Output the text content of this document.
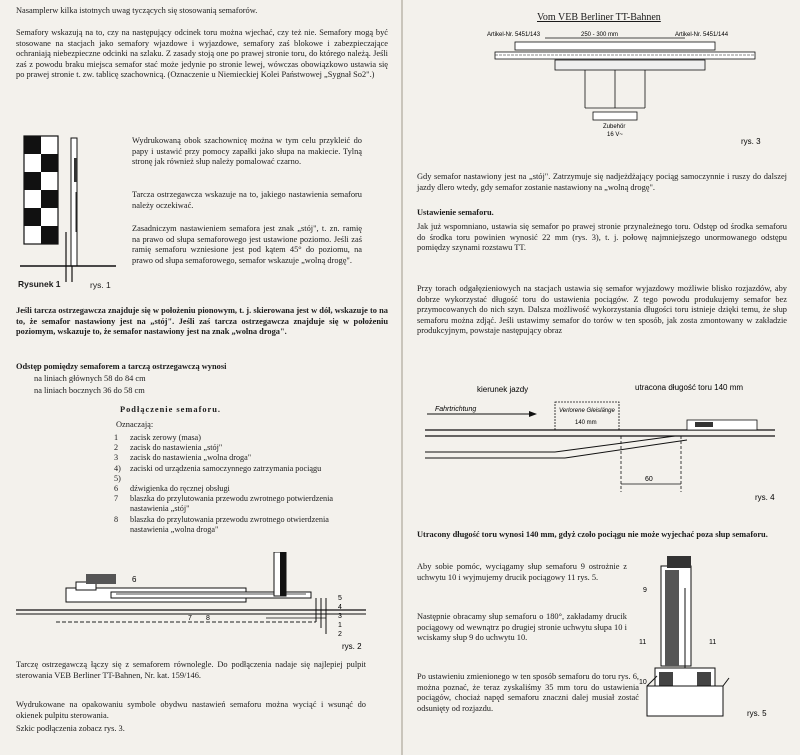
Nasamplerw kilka istotnych uwag tyczących się stosowanią semaforów.

Semafory wskazują na to, czy na następujący odcinek toru można wjechać, czy też nie. Semafory mogą być stosowane na stacjach jako semafory wjazdowe i wyjazdowe, semafory zaś blokowe i zabezpieczające ochraniają niebezpieczne odcinki na szlaku. Z zasady stoją one po prawej stronie toru, do którego należą. Jeśli zaś z powodu braku miejsca semafor stać może jedynie po stronie lewej, wówczas obowiązkowo ustawia się po prawej stronie t. zw. tablicę szachownicą. (Oznaczenie u Niemieckiej Kolei Państwowej „Sygnał So2".)

Rysunek 1	rys. 1

Wydrukowaną obok szachownicę można w tym celu przykleić do papy i ustawić przy pomocy zapałki jako słupa na makiecie. Tylną stronę jak również słup należy pomalować czarno.

Tarcza ostrzegawcza wskazuje na to, jakiego nastawienia semaforu należy oczekiwać.

Zasadniczym nastawieniem semafora jest znak „stój", t. zn. ramię na prawo od słupa semaforowego jest ustawione poziomo. Jeśli zaś ramię semaforu wzniesione jest pod kątem 45° do poziomu, na prawo od słupa semaforowego, semafor wskazuje „wolną drogę".

Jeśli tarcza ostrzegawcza znajduje się w położeniu pionowym, t. j. skierowana jest w dół, wskazuje to na to, że semafor nastawiony jest na „stój". Jeśli zaś tarcza ostrzegawcza znajduje się w położeniu poziomym, wskazuje to, że semafor nastawiony jest na znak „wolna droga".

Odstęp pomiędzy semaforem a tarczą ostrzegawczą wynosi

na liniach głównych 58 do 84 cm

na liniach bocznych 36 do 58 cm

Podłączenie semaforu.

Oznaczają:

1	zacisk zerowy (masa)
2	zacisk do nastawienia „stój"
3	zacisk do nastawienia „wolna droga"
4)
5)
zaciski od urządzenia samoczynnego zatrzymania pociągu
6	dźwigienka do ręcznej obsługi
7	blaszka do przylutowania przewodu zwrotnego potwierdzenia nastawienia „stój"
8	blaszka do przylutowania przewodu zwrotnego otwierdzenia nastawienia „wolna droga"
6
7 8
5
4
3
1
2
rys. 2

Tarczę ostrzegawczą łączy się z semaforem równolegle. Do podłączenia nadaje się najlepiej pulpit sterowania VEB Berliner TT-Bahnen, Nr. kat. 159/146.

Wydrukowane na opakowaniu symbole obydwu nastawień semaforu można wyciąć i wsunąć do okienek pulpitu sterowania.

Szkic podłączenia zobacz rys. 3.

Vom VEB Berliner TT-Bahnen

Artikel-Nr. 5451/143	Artikel-Nr. 5451/144
250 - 300 mm
Zubehör
16 V~
rys. 3

Gdy semafor nastawiony jest na „stój". Zatrzymuje się nadjeżdżający pociąg samoczynnie i ruszy do dalszej jazdy dlero wtedy, gdy semafor zostanie nastawiony na „wolną drogę".

Ustawienie semaforu.

Jak już wspomniano, ustawia się semafor po prawej stronie przynależnego toru. Odstęp od środka semaforu do środka toru powinien wynosić 22 mm (rys. 3), t. j. połowę najmniejszego unormowanego odstępu pomiędzy szynami rozstawu TT.

Przy torach odgałęzieniowych na stacjach ustawia się semafor wyjazdowy możliwie blisko rozjazdów, aby dobrze wykorzystać długość toru do ustawienia pociągów. Z tego powodu produkujemy semafor bez przymocowanych do nich szyn. Dalsza możliwość wykorzystania długości toru istnieje dzięki temu, że słup semaforu można zdjąć. Jeśli ustawimy semafor do torów w ten sposób, jak zosta zmontowany w zakładzie produkcyjnym, powstaje następujący obraz

kierunek jazdy	utracona długość toru 140 mm
Fahrtrichtung	Verlorene Gleislänge
140 mm
60
rys. 4

Utracony długość toru wynosi 140 mm, gdyż czoło pociągu nie może wyjechać poza słup semaforu.

Aby sobie pomóc, wyciągamy słup semaforu 9 ostrożnie z uchwytu 10 i wyjmujemy drucik pociągowy 11 rys. 5.

Następnie obracamy słup semaforu o 180°, zakładamy drucik pociągowy od wewnątrz po drugiej stronie uchwytu słupa 10 i wciskamy słup 9 do uchwytu 10.

Po ustawieniu zmienionego w ten sposób semaforu do toru rys. 6, można poznać, że teraz zyskaliśmy 35 mm toru do ustawienia pociągów, chociaż napęd semaforu znaczni dalej musiał zostać odsunięty od rozjazdu.

9
11	11
10
rys. 5
